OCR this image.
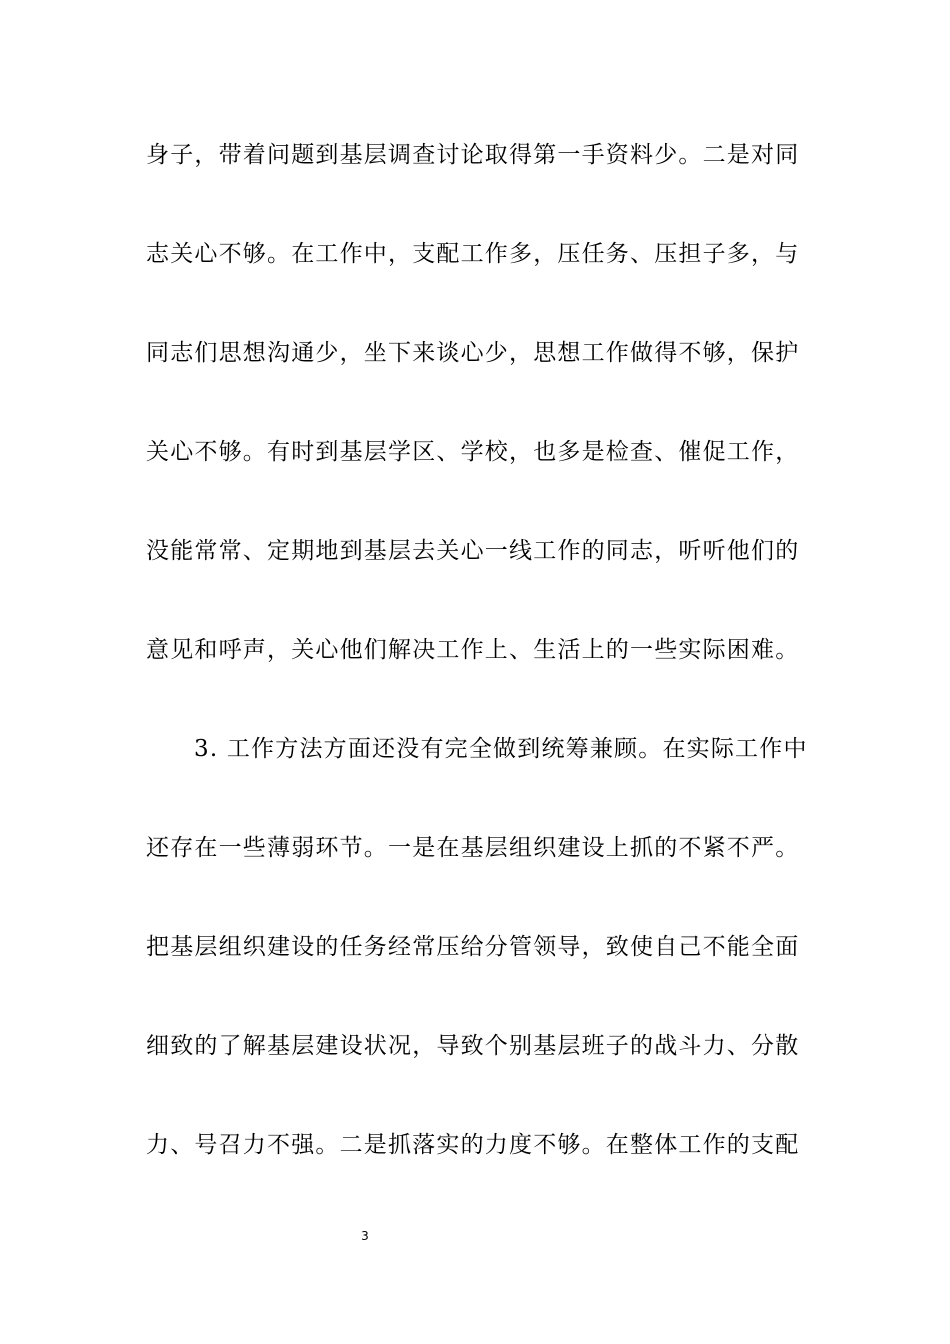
身子，带着问题到基层调查讨论取得第一手资料少。二是对同
志关心不够。在工作中，支配工作多，压任务、压担子多，与
同志们思想沟通少，坐下来谈心少，思想工作做得不够，保护
关心不够。有时到基层学区、学校，也多是检查、催促工作，
没能常常、定期地到基层去关心一线工作的同志，听听他们的
意见和呼声，关心他们解决工作上、生活上的一些实际困难。
3. 工作方法方面还没有完全做到统筹兼顾。在实际工作中
还存在一些薄弱环节。一是在基层组织建设上抓的不紧不严。
把基层组织建设的任务经常压给分管领导，致使自己不能全面
细致的了解基层建设状况，导致个别基层班子的战斗力、分散
力、号召力不强。二是抓落实的力度不够。在整体工作的支配
3
